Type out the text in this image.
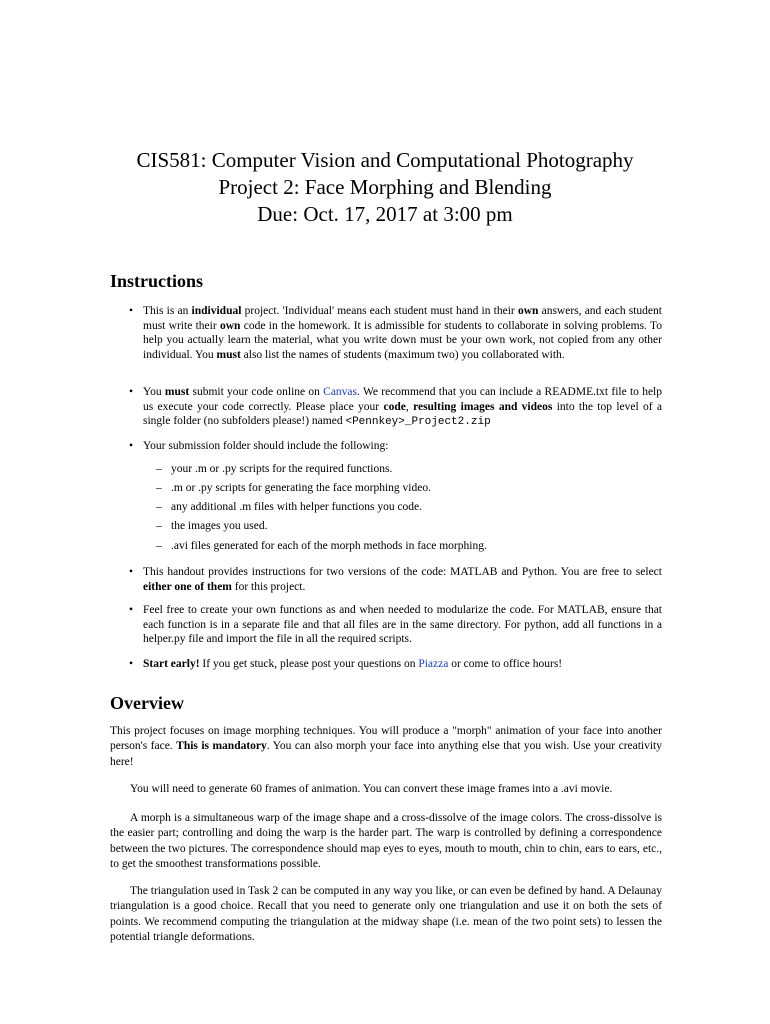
CIS581: Computer Vision and Computational Photography
Project 2: Face Morphing and Blending
Due: Oct. 17, 2017 at 3:00 pm
Instructions
• This is an individual project. 'Individual' means each student must hand in their own answers, and each student must write their own code in the homework. It is admissible for students to collaborate in solving problems. To help you actually learn the material, what you write down must be your own work, not copied from any other individual. You must also list the names of students (maximum two) you collaborated with.
• You must submit your code online on Canvas. We recommend that you can include a README.txt file to help us execute your code correctly. Please place your code, resulting images and videos into the top level of a single folder (no subfolders please!) named <Pennkey>_Project2.zip
• Your submission folder should include the following:
– your .m or .py scripts for the required functions.
– .m or .py scripts for generating the face morphing video.
– any additional .m files with helper functions you code.
– the images you used.
– .avi files generated for each of the morph methods in face morphing.
• This handout provides instructions for two versions of the code: MATLAB and Python. You are free to select either one of them for this project.
• Feel free to create your own functions as and when needed to modularize the code. For MATLAB, ensure that each function is in a separate file and that all files are in the same directory. For python, add all functions in a helper.py file and import the file in all the required scripts.
• Start early! If you get stuck, please post your questions on Piazza or come to office hours!
Overview

This project focuses on image morphing techniques. You will produce a "morph" animation of your face into another person's face. This is mandatory. You can also morph your face into anything else that you wish. Use your creativity here!

You will need to generate 60 frames of animation. You can convert these image frames into a .avi movie.

A morph is a simultaneous warp of the image shape and a cross-dissolve of the image colors. The cross-dissolve is the easier part; controlling and doing the warp is the harder part. The warp is controlled by defining a correspondence between the two pictures. The correspondence should map eyes to eyes, mouth to mouth, chin to chin, ears to ears, etc., to get the smoothest transformations possible.

The triangulation used in Task 2 can be computed in any way you like, or can even be defined by hand. A Delaunay triangulation is a good choice. Recall that you need to generate only one triangulation and use it on both the sets of points. We recommend computing the triangulation at the midway shape (i.e. mean of the two point sets) to lessen the potential triangle deformations.
